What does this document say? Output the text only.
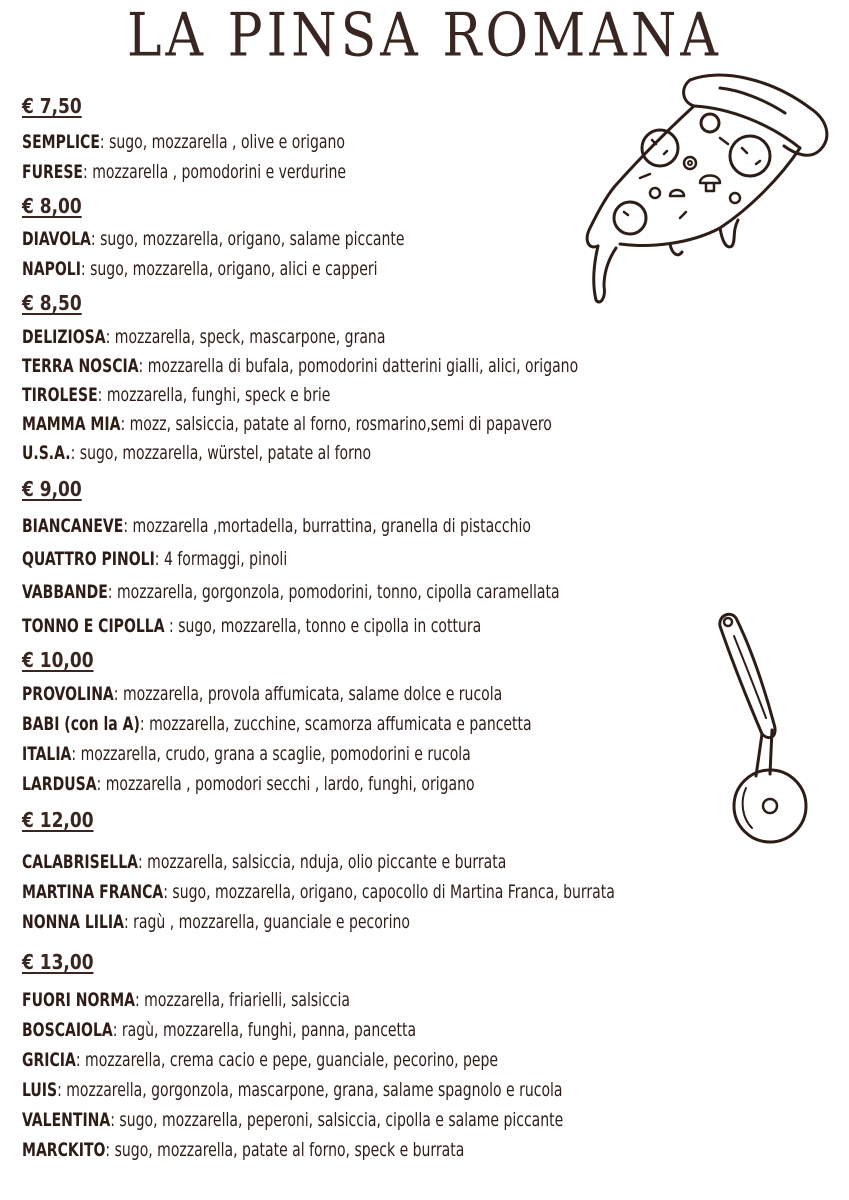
LA PINSA ROMANA
€ 7,50
SEMPLICE: sugo, mozzarella , olive e origano
FURESE: mozzarella , pomodorini e verdurine
€ 8,00
DIAVOLA: sugo, mozzarella, origano, salame piccante
NAPOLI: sugo, mozzarella, origano, alici e capperi
€ 8,50
DELIZIOSA: mozzarella, speck, mascarpone, grana
TERRA NOSCIA: mozzarella di bufala, pomodorini datterini gialli, alici, origano
TIROLESE: mozzarella, funghi, speck e brie
MAMMA MIA: mozz, salsiccia, patate al forno, rosmarino,semi di papavero
U.S.A.: sugo, mozzarella, würstel, patate al forno
€ 9,00
BIANCANEVE: mozzarella ,mortadella, burrattina, granella di pistacchio
QUATTRO PINOLI: 4 formaggi, pinoli
VABBANDE: mozzarella, gorgonzola, pomodorini, tonno, cipolla caramellata
TONNO E CIPOLLA : sugo, mozzarella, tonno e cipolla in cottura
€ 10,00
PROVOLINA: mozzarella, provola affumicata, salame dolce e rucola
BABI (con la A): mozzarella, zucchine, scamorza affumicata e pancetta
ITALIA: mozzarella, crudo, grana a scaglie, pomodorini e rucola
LARDUSA: mozzarella , pomodori secchi , lardo, funghi, origano
€ 12,00
CALABRISELLA: mozzarella, salsiccia, nduja, olio piccante e burrata
MARTINA FRANCA: sugo, mozzarella, origano, capocollo di Martina Franca, burrata
NONNA LILIA: ragù , mozzarella, guanciale e pecorino
€ 13,00
FUORI NORMA: mozzarella, friarielli, salsiccia
BOSCAIOLA: ragù, mozzarella, funghi, panna, pancetta
GRICIA: mozzarella, crema cacio e pepe, guanciale, pecorino, pepe
LUIS: mozzarella, gorgonzola, mascarpone, grana, salame spagnolo e rucola
VALENTINA: sugo, mozzarella, peperoni, salsiccia, cipolla e salame piccante
MARCKITO: sugo, mozzarella, patate al forno, speck e burrata
